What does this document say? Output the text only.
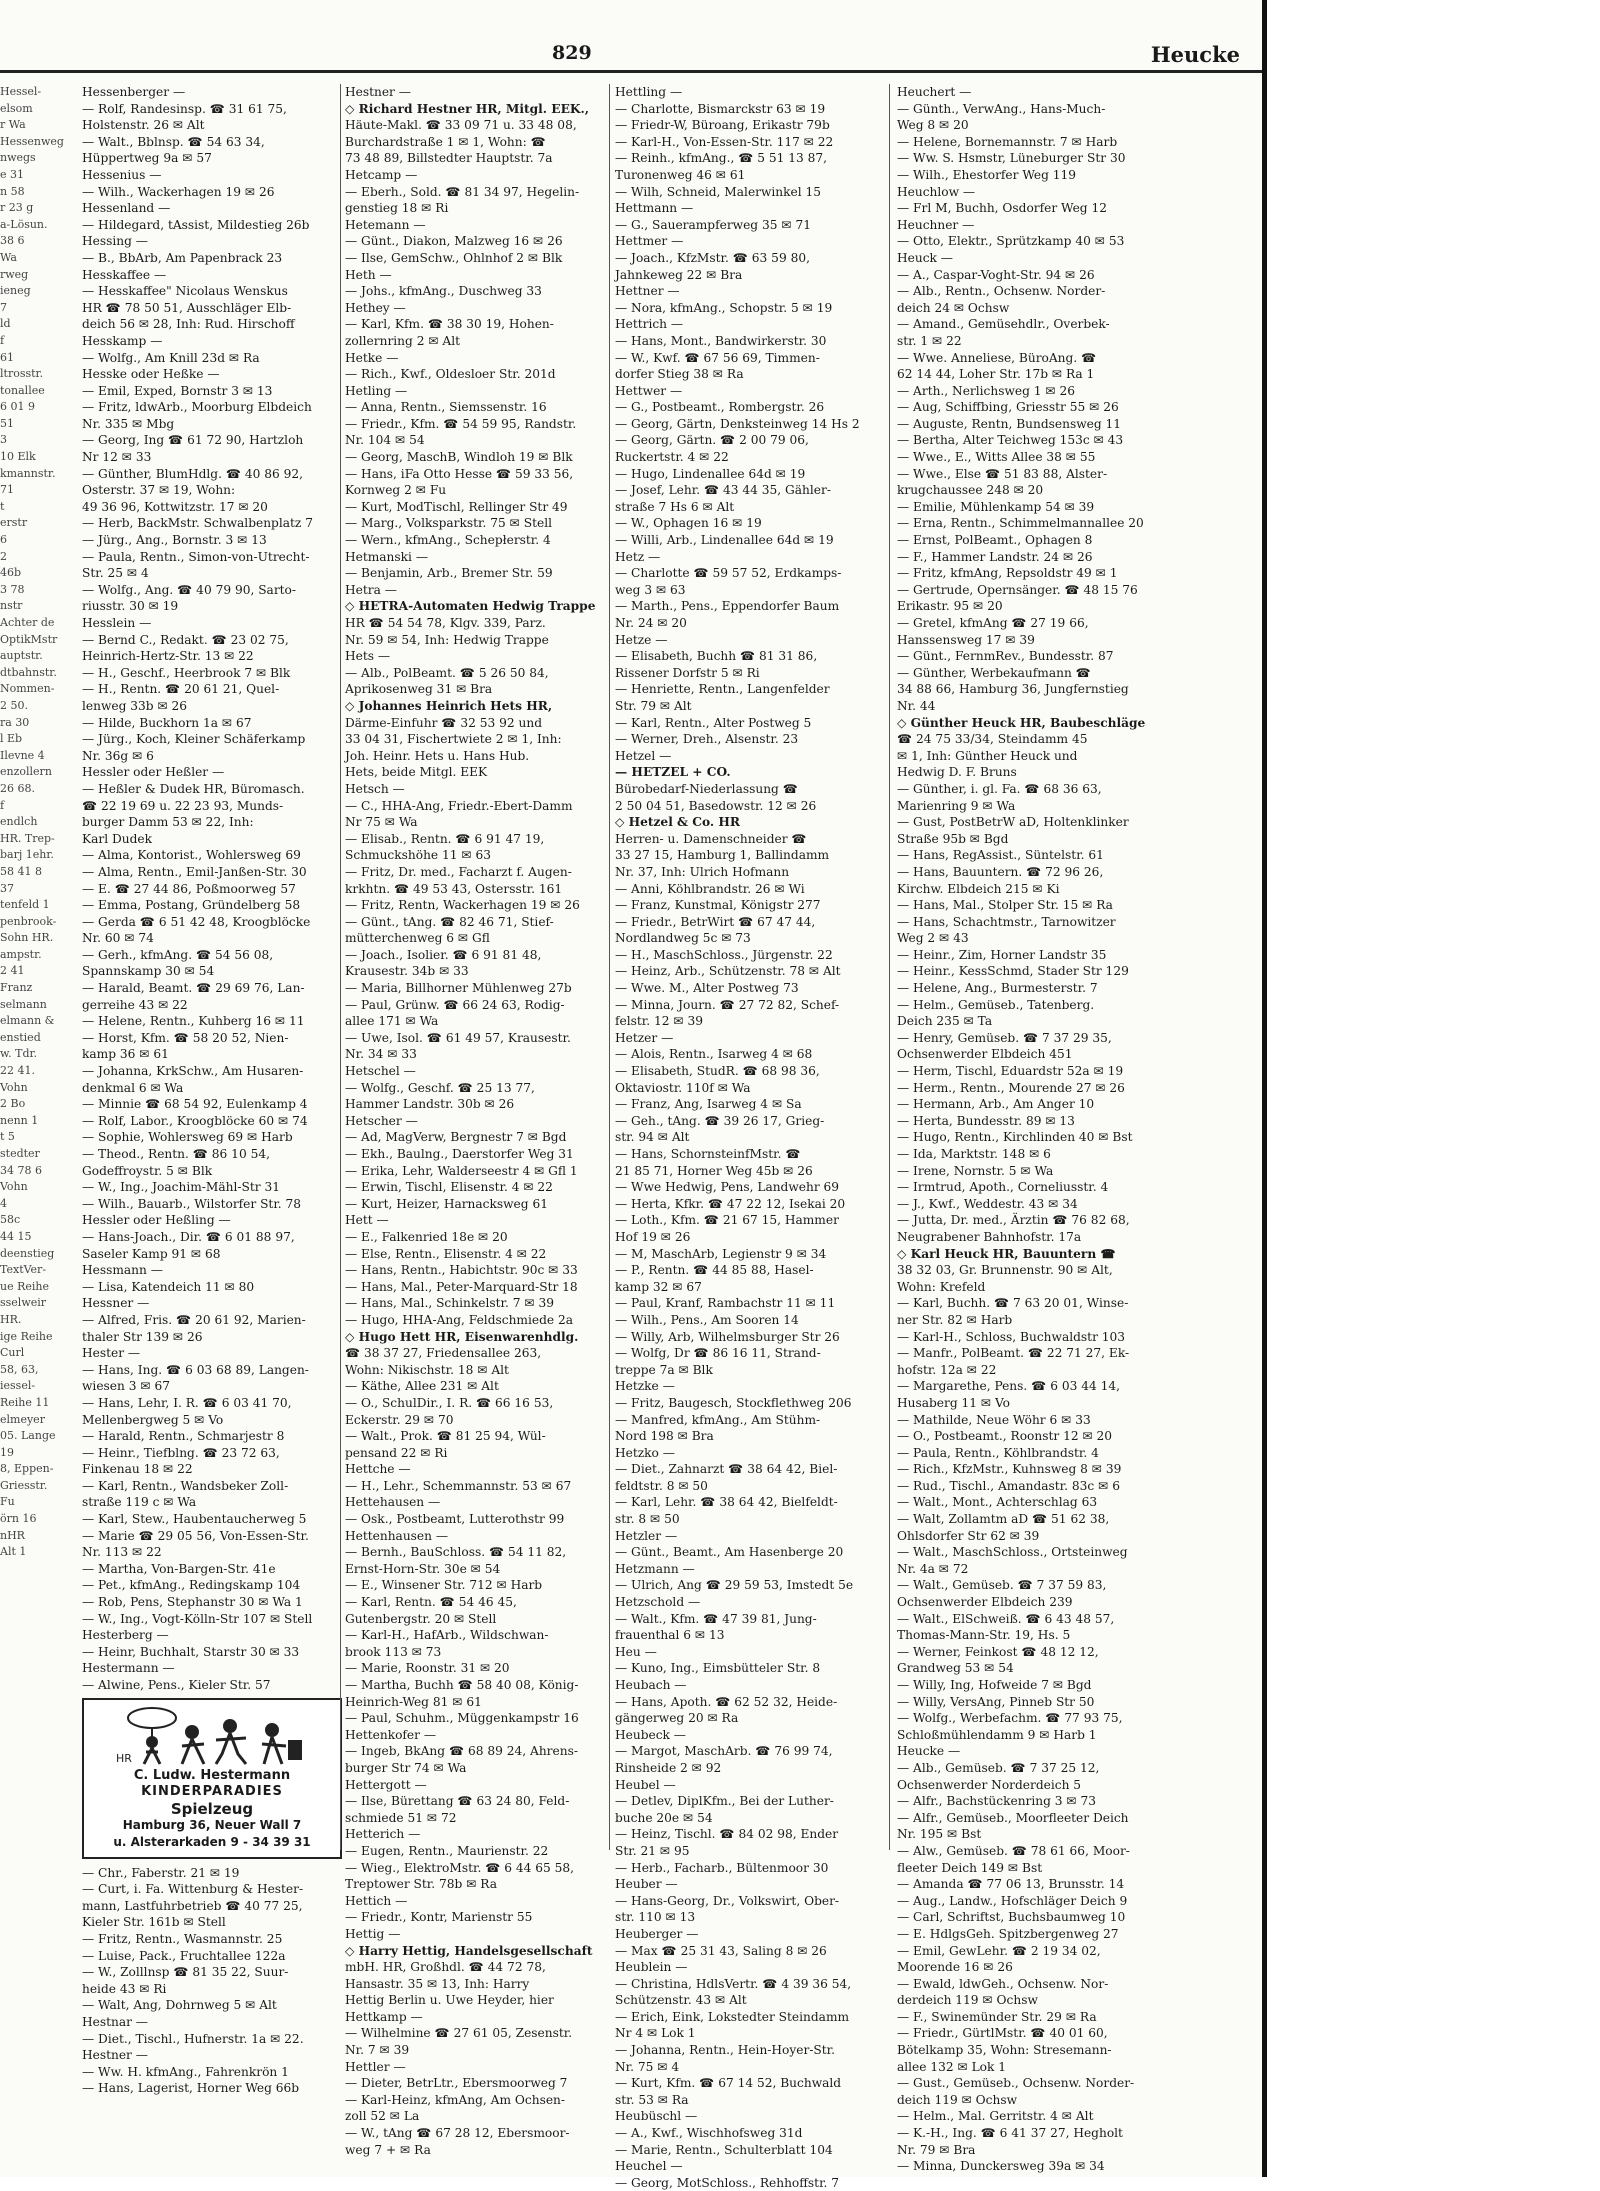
829	Heucke
Hessel-
elsom
r Wa
Hessenweg
nwegs
e 31
n 58
r 23 g
a-Lösun.
38 6
Wa
rweg
ieneg
7
ld
f
61
ltrosstr.
tonallee
6 01 9
51
3
10 Elk
kmannstr.
71
t
erstr
6
2
46b
3 78
nstr
Achter de
OptikMstr
auptstr.
dtbahnstr.
Nommen-
2 50.
ra 30
l Eb
Ilevne 4
enzollern
26 68.
f
endlch
HR. Trep-
barj 1ehr.
58 41 8
37
tenfeld 1
penbrook-
Sohn HR.
ampstr.
2 41
Franz
selmann
elmann &
enstied
w. Tdr.
22 41.
Vohn
2 Bo
nenn 1
t 5
stedter
34 78 6
Vohn
4
58c
44 15
deenstieg
TextVer-
ue Reihe
sselweir
HR.
ige Reihe
Curl
58, 63,
iessel-
Reihe 11
elmeyer
05. Lange
19
8, Eppen-
Griesstr.
Fu
örn 16
nHR
Alt 1
Hessenberger —
— Rolf, Randesinsp. ☎ 31 61 75,
Holstenstr. 26 ✉ Alt
— Walt., Bblnsp. ☎ 54 63 34,
Hüppertweg 9a ✉ 57
Hessenius —
— Wilh., Wackerhagen 19 ✉ 26
Hessenland —
— Hildegard, tAssist, Mildestieg 26b
Hessing —
— B., BbArb, Am Papenbrack 23
Hesskaffee —
— Hesskaffee" Nicolaus Wenskus
HR ☎ 78 50 51, Ausschläger Elb-
deich 56 ✉ 28, Inh: Rud. Hirschoff
Hesskamp —
— Wolfg., Am Knill 23d ✉ Ra
Hesske oder Heßke —
— Emil, Exped, Bornstr 3 ✉ 13
— Fritz, ldwArb., Moorburg Elbdeich
Nr. 335 ✉ Mbg
— Georg, Ing ☎ 61 72 90, Hartzloh
Nr 12 ✉ 33
— Günther, BlumHdlg. ☎ 40 86 92,
Osterstr. 37 ✉ 19, Wohn:
49 36 96, Kottwitzstr. 17 ✉ 20
— Herb, BackMstr. Schwalbenplatz 7
— Jürg., Ang., Bornstr. 3 ✉ 13
— Paula, Rentn., Simon-von-Utrecht-
Str. 25 ✉ 4
— Wolfg., Ang. ☎ 40 79 90, Sarto-
riusstr. 30 ✉ 19
Hesslein —
— Bernd C., Redakt. ☎ 23 02 75,
Heinrich-Hertz-Str. 13 ✉ 22
— H., Geschf., Heerbrook 7 ✉ Blk
— H., Rentn. ☎ 20 61 21, Quel-
lenweg 33b ✉ 26
— Hilde, Buckhorn 1a ✉ 67
— Jürg., Koch, Kleiner Schäferkamp
Nr. 36g ✉ 6
Hessler oder Heßler —
— Heßler & Dudek HR, Büromasch.
☎ 22 19 69 u. 22 23 93, Munds-
burger Damm 53 ✉ 22, Inh:
Karl Dudek
— Alma, Kontorist., Wohlersweg 69
— Alma, Rentn., Emil-Janßen-Str. 30
— E. ☎ 27 44 86, Poßmoorweg 57
— Emma, Postang, Gründelberg 58
— Gerda ☎ 6 51 42 48, Kroogblöcke
Nr. 60 ✉ 74
— Gerh., kfmAng. ☎ 54 56 08,
Spannskamp 30 ✉ 54
— Harald, Beamt. ☎ 29 69 76, Lan-
gerreihe 43 ✉ 22
— Helene, Rentn., Kuhberg 16 ✉ 11
— Horst, Kfm. ☎ 58 20 52, Nien-
kamp 36 ✉ 61
— Johanna, KrkSchw., Am Husaren-
denkmal 6 ✉ Wa
— Minnie ☎ 68 54 92, Eulenkamp 4
— Rolf, Labor., Kroogblöcke 60 ✉ 74
— Sophie, Wohlersweg 69 ✉ Harb
— Theod., Rentn. ☎ 86 10 54,
Godeffroystr. 5 ✉ Blk
— W., Ing., Joachim-Mähl-Str 31
— Wilh., Bauarb., Wilstorfer Str. 78
Hessler oder Heßling —
— Hans-Joach., Dir. ☎ 6 01 88 97,
Saseler Kamp 91 ✉ 68
Hessmann —
— Lisa, Katendeich 11 ✉ 80
Hessner —
— Alfred, Fris. ☎ 20 61 92, Marien-
thaler Str 139 ✉ 26
Hester —
— Hans, Ing. ☎ 6 03 68 89, Langen-
wiesen 3 ✉ 67
— Hans, Lehr, I. R. ☎ 6 03 41 70,
Mellenbergweg 5 ✉ Vo
— Harald, Rentn., Schmarjestr 8
— Heinr., Tiefblng. ☎ 23 72 63,
Finkenau 18 ✉ 22
— Karl, Rentn., Wandsbeker Zoll-
straße 119 c ✉ Wa
— Karl, Stew., Haubentaucherweg 5
— Marie ☎ 29 05 56, Von-Essen-Str.
Nr. 113 ✉ 22
— Martha, Von-Bargen-Str. 41e
— Pet., kfmAng., Redingskamp 104
— Rob, Pens, Stephanstr 30 ✉ Wa 1
— W., Ing., Vogt-Kölln-Str 107 ✉ Stell
Hesterberg —
— Heinr, Buchhalt, Starstr 30 ✉ 33
Hestermann —
— Alwine, Pens., Kieler Str. 57
HR
C. Ludw. Hestermann
KINDERPARADIES
Spielzeug
Hamburg 36, Neuer Wall 7
u. Alsterarkaden 9 - 34 39 31
— Chr., Faberstr. 21 ✉ 19
— Curt, i. Fa. Wittenburg & Hester-
mann, Lastfuhrbetrieb ☎ 40 77 25,
Kieler Str. 161b ✉ Stell
— Fritz, Rentn., Wasmannstr. 25
— Luise, Pack., Fruchtallee 122a
— W., Zolllnsp ☎ 81 35 22, Suur-
heide 43 ✉ Ri
— Walt, Ang, Dohrnweg 5 ✉ Alt
Hestnar —
— Diet., Tischl., Hufnerstr. 1a ✉ 22.
Hestner —
— Ww. H. kfmAng., Fahrenkrön 1
— Hans, Lagerist, Horner Weg 66b
Hestner —
◇ Richard Hestner HR, Mitgl. EEK.,
Häute-Makl. ☎ 33 09 71 u. 33 48 08,
Burchardstraße 1 ✉ 1, Wohn: ☎
73 48 89, Billstedter Hauptstr. 7a
Hetcamp —
— Eberh., Sold. ☎ 81 34 97, Hegelin-
genstieg 18 ✉ Ri
Hetemann —
— Günt., Diakon, Malzweg 16 ✉ 26
— Ilse, GemSchw., Ohlnhof 2 ✉ Blk
Heth —
— Johs., kfmAng., Duschweg 33
Hethey —
— Karl, Kfm. ☎ 38 30 19, Hohen-
zollernring 2 ✉ Alt
Hetke —
— Rich., Kwf., Oldesloer Str. 201d
Hetling —
— Anna, Rentn., Siemssenstr. 16
— Friedr., Kfm. ☎ 54 59 95, Randstr.
Nr. 104 ✉ 54
— Georg, MaschB, Windloh 19 ✉ Blk
— Hans, iFa Otto Hesse ☎ 59 33 56,
Kornweg 2 ✉ Fu
— Kurt, ModTischl, Rellinger Str 49
— Marg., Volksparkstr. 75 ✉ Stell
— Wern., kfmAng., Schepłerstr. 4
Hetmanski —
— Benjamin, Arb., Bremer Str. 59
Hetra —
◇ HETRA-Automaten Hedwig Trappe
HR ☎ 54 54 78, Klgv. 339, Parz.
Nr. 59 ✉ 54, Inh: Hedwig Trappe
Hets —
— Alb., PolBeamt. ☎ 5 26 50 84,
Aprikosenweg 31 ✉ Bra
◇ Johannes Heinrich Hets HR,
Därme-Einfuhr ☎ 32 53 92 und
33 04 31, Fischertwiete 2 ✉ 1, Inh:
Joh. Heinr. Hets u. Hans Hub.
Hets, beide Mitgl. EEK
Hetsch —
— C., HHA-Ang, Friedr.-Ebert-Damm
Nr 75 ✉ Wa
— Elisab., Rentn. ☎ 6 91 47 19,
Schmuckshöhe 11 ✉ 63
— Fritz, Dr. med., Facharzt f. Augen-
krkhtn. ☎ 49 53 43, Ostersstr. 161
— Fritz, Rentn, Wackerhagen 19 ✉ 26
— Günt., tAng. ☎ 82 46 71, Stief-
mütterchenweg 6 ✉ Gfl
— Joach., Isolier. ☎ 6 91 81 48,
Krausestr. 34b ✉ 33
— Maria, Billhorner Mühlenweg 27b
— Paul, Grünw. ☎ 66 24 63, Rodig-
allee 171 ✉ Wa
— Uwe, Isol. ☎ 61 49 57, Krausestr.
Nr. 34 ✉ 33
Hetschel —
— Wolfg., Geschf. ☎ 25 13 77,
Hammer Landstr. 30b ✉ 26
Hetscher —
— Ad, MagVerw, Bergnestr 7 ✉ Bgd
— Ekh., Baulng., Daerstorfer Weg 31
— Erika, Lehr, Walderseestr 4 ✉ Gfl 1
— Erwin, Tischl, Elisenstr. 4 ✉ 22
— Kurt, Heizer, Harnacksweg 61
Hett —
— E., Falkenried 18e ✉ 20
— Else, Rentn., Elisenstr. 4 ✉ 22
— Hans, Rentn., Habichtstr. 90c ✉ 33
— Hans, Mal., Peter-Marquard-Str 18
— Hans, Mal., Schinkelstr. 7 ✉ 39
— Hugo, HHA-Ang, Feldschmiede 2a
◇ Hugo Hett HR, Eisenwarenhdlg.
☎ 38 37 27, Friedensallee 263,
Wohn: Nikischstr. 18 ✉ Alt
— Käthe, Allee 231 ✉ Alt
— O., SchulDir., I. R. ☎ 66 16 53,
Eckerstr. 29 ✉ 70
— Walt., Prok. ☎ 81 25 94, Wül-
pensand 22 ✉ Ri
Hettche —
— H., Lehr., Schemmannstr. 53 ✉ 67
Hettehausen —
— Osk., Postbeamt, Lutterothstr 99
Hettenhausen —
— Bernh., BauSchloss. ☎ 54 11 82,
Ernst-Horn-Str. 30e ✉ 54
— E., Winsener Str. 712 ✉ Harb
— Karl, Rentn. ☎ 54 46 45,
Gutenbergstr. 20 ✉ Stell
— Karl-H., HafArb., Wildschwan-
brook 113 ✉ 73
— Marie, Roonstr. 31 ✉ 20
— Martha, Buchh ☎ 58 40 08, König-
Heinrich-Weg 81 ✉ 61
— Paul, Schuhm., Müggenkampstr 16
Hettenkofer —
— Ingeb, BkAng ☎ 68 89 24, Ahrens-
burger Str 74 ✉ Wa
Hettergott —
— Ilse, Bürettang ☎ 63 24 80, Feld-
schmiede 51 ✉ 72
Hetterich —
— Eugen, Rentn., Maurienstr. 22
— Wieg., ElektroMstr. ☎ 6 44 65 58,
Treptower Str. 78b ✉ Ra
Hettich —
— Friedr., Kontr, Marienstr 55
Hettig —
◇ Harry Hettig, Handelsgesellschaft
mbH. HR, Großhdl. ☎ 44 72 78,
Hansastr. 35 ✉ 13, Inh: Harry
Hettig Berlin u. Uwe Heyder, hier
Hettkamp —
— Wilhelmine ☎ 27 61 05, Zesenstr.
Nr. 7 ✉ 39
Hettler —
— Dieter, BetrLtr., Ebersmoorweg 7
— Karl-Heinz, kfmAng, Am Ochsen-
zoll 52 ✉ La
— W., tAng ☎ 67 28 12, Ebersmoor-
weg 7 + ✉ Ra
Hettling —
— Charlotte, Bismarckstr 63 ✉ 19
— Friedr-W, Büroang, Erikastr 79b
— Karl-H., Von-Essen-Str. 117 ✉ 22
— Reinh., kfmAng., ☎ 5 51 13 87,
Turonenweg 46 ✉ 61
— Wilh, Schneid, Malerwinkel 15
Hettmann —
— G., Sauerampferweg 35 ✉ 71
Hettmer —
— Joach., KfzMstr. ☎ 63 59 80,
Jahnkeweg 22 ✉ Bra
Hettner —
— Nora, kfmAng., Schopstr. 5 ✉ 19
Hettrich —
— Hans, Mont., Bandwirkerstr. 30
— W., Kwf. ☎ 67 56 69, Timmen-
dorfer Stieg 38 ✉ Ra
Hettwer —
— G., Postbeamt., Rombergstr. 26
— Georg, Gärtn, Denksteinweg 14 Hs 2
— Georg, Gärtn. ☎ 2 00 79 06,
Ruckertstr. 4 ✉ 22
— Hugo, Lindenallee 64d ✉ 19
— Josef, Lehr. ☎ 43 44 35, Gähler-
straße 7 Hs 6 ✉ Alt
— W., Ophagen 16 ✉ 19
— Willi, Arb., Lindenallee 64d ✉ 19
Hetz —
— Charlotte ☎ 59 57 52, Erdkamps-
weg 3 ✉ 63
— Marth., Pens., Eppendorfer Baum
Nr. 24 ✉ 20
Hetze —
— Elisabeth, Buchh ☎ 81 31 86,
Rissener Dorfstr 5 ✉ Ri
— Henriette, Rentn., Langenfelder
Str. 79 ✉ Alt
— Karl, Rentn., Alter Postweg 5
— Werner, Dreh., Alsenstr. 23
Hetzel —
— HETZEL + CO.
Bürobedarf-Niederlassung ☎
2 50 04 51, Basedowstr. 12 ✉ 26
◇ Hetzel & Co. HR
Herren- u. Damenschneider ☎
33 27 15, Hamburg 1, Ballindamm
Nr. 37, Inh: Ulrich Hofmann
— Anni, Köhlbrandstr. 26 ✉ Wi
— Franz, Kunstmal, Königstr 277
— Friedr., BetrWirt ☎ 67 47 44,
Nordlandweg 5c ✉ 73
— H., MaschSchloss., Jürgenstr. 22
— Heinz, Arb., Schützenstr. 78 ✉ Alt
— Wwe. M., Alter Postweg 73
— Minna, Journ. ☎ 27 72 82, Schef-
felstr. 12 ✉ 39
Hetzer —
— Alois, Rentn., Isarweg 4 ✉ 68
— Elisabeth, StudR. ☎ 68 98 36,
Oktaviostr. 110f ✉ Wa
— Franz, Ang, Isarweg 4 ✉ Sa
— Geh., tAng. ☎ 39 26 17, Grieg-
str. 94 ✉ Alt
— Hans, SchornsteinfMstr. ☎
21 85 71, Horner Weg 45b ✉ 26
— Wwe Hedwig, Pens, Landwehr 69
— Herta, Kfkr. ☎ 47 22 12, Isekai 20
— Loth., Kfm. ☎ 21 67 15, Hammer
Hof 19 ✉ 26
— M, MaschArb, Legienstr 9 ✉ 34
— P., Rentn. ☎ 44 85 88, Hasel-
kamp 32 ✉ 67
— Paul, Kranf, Rambachstr 11 ✉ 11
— Wilh., Pens., Am Sooren 14
— Willy, Arb, Wilhelmsburger Str 26
— Wolfg, Dr ☎ 86 16 11, Strand-
treppe 7a ✉ Blk
Hetzke —
— Fritz, Baugesch, Stockflethweg 206
— Manfred, kfmAng., Am Stühm-
Nord 198 ✉ Bra
Hetzko —
— Diet., Zahnarzt ☎ 38 64 42, Biel-
feldtstr. 8 ✉ 50
— Karl, Lehr. ☎ 38 64 42, Bielfeldt-
str. 8 ✉ 50
Hetzler —
— Günt., Beamt., Am Hasenberge 20
Hetzmann —
— Ulrich, Ang ☎ 29 59 53, Imstedt 5e
Hetzschold —
— Walt., Kfm. ☎ 47 39 81, Jung-
frauenthal 6 ✉ 13
Heu —
— Kuno, Ing., Eimsbütteler Str. 8
Heubach —
— Hans, Apoth. ☎ 62 52 32, Heide-
gängerweg 20 ✉ Ra
Heubeck —
— Margot, MaschArb. ☎ 76 99 74,
Rinsheide 2 ✉ 92
Heubel —
— Detlev, DiplKfm., Bei der Luther-
buche 20e ✉ 54
— Heinz, Tischl. ☎ 84 02 98, Ender
Str. 21 ✉ 95
— Herb., Facharb., Bültenmoor 30
Heuber —
— Hans-Georg, Dr., Volkswirt, Ober-
str. 110 ✉ 13
Heuberger —
— Max ☎ 25 31 43, Saling 8 ✉ 26
Heublein —
— Christina, HdlsVertr. ☎ 4 39 36 54,
Schützenstr. 43 ✉ Alt
— Erich, Eink, Lokstedter Steindamm
Nr 4 ✉ Lok 1
— Johanna, Rentn., Hein-Hoyer-Str.
Nr. 75 ✉ 4
— Kurt, Kfm. ☎ 67 14 52, Buchwald
str. 53 ✉ Ra
Heubüschl —
— A., Kwf., Wischhofsweg 31d
— Marie, Rentn., Schulterblatt 104
Heuchel —
— Georg, MotSchloss., Rehhoffstr. 7
Heuchert —
— Günth., VerwAng., Hans-Much-
Weg 8 ✉ 20
— Helene, Bornemannstr. 7 ✉ Harb
— Ww. S. Hsmstr, Lüneburger Str 30
— Wilh., Ehestorfer Weg 119
Heuchlow —
— Frl M, Buchh, Osdorfer Weg 12
Heuchner —
— Otto, Elektr., Sprützkamp 40 ✉ 53
Heuck —
— A., Caspar-Voght-Str. 94 ✉ 26
— Alb., Rentn., Ochsenw. Norder-
deich 24 ✉ Ochsw
— Amand., Gemüsehdlr., Overbek-
str. 1 ✉ 22
— Wwe. Anneliese, BüroAng. ☎
62 14 44, Loher Str. 17b ✉ Ra 1
— Arth., Nerlichsweg 1 ✉ 26
— Aug, Schiffbing, Griesstr 55 ✉ 26
— Auguste, Rentn, Bundsensweg 11
— Bertha, Alter Teichweg 153c ✉ 43
— Wwe., E., Witts Allee 38 ✉ 55
— Wwe., Else ☎ 51 83 88, Alster-
krugchaussee 248 ✉ 20
— Emilie, Mühlenkamp 54 ✉ 39
— Erna, Rentn., Schimmelmannallee 20
— Ernst, PolBeamt., Ophagen 8
— F., Hammer Landstr. 24 ✉ 26
— Fritz, kfmAng, Repsoldstr 49 ✉ 1
— Gertrude, Opernsänger. ☎ 48 15 76
Erikastr. 95 ✉ 20
— Gretel, kfmAng ☎ 27 19 66,
Hanssensweg 17 ✉ 39
— Günt., FernmRev., Bundesstr. 87
— Günther, Werbekaufmann ☎
34 88 66, Hamburg 36, Jungfernstieg
Nr. 44
◇ Günther Heuck HR, Baubeschläge
☎ 24 75 33/34, Steindamm 45
✉ 1, Inh: Günther Heuck und
Hedwig D. F. Bruns
— Günther, i. gl. Fa. ☎ 68 36 63,
Marienring 9 ✉ Wa
— Gust, PostBetrW aD, Holtenklinker
Straße 95b ✉ Bgd
— Hans, RegAssist., Süntelstr. 61
— Hans, Bauuntern. ☎ 72 96 26,
Kirchw. Elbdeich 215 ✉ Ki
— Hans, Mal., Stolper Str. 15 ✉ Ra
— Hans, Schachtmstr., Tarnowitzer
Weg 2 ✉ 43
— Heinr., Zim, Horner Landstr 35
— Heinr., KessSchmd, Stader Str 129
— Helene, Ang., Burmesterstr. 7
— Helm., Gemüseb., Tatenberg.
Deich 235 ✉ Ta
— Henry, Gemüseb. ☎ 7 37 29 35,
Ochsenwerder Elbdeich 451
— Herm, Tischl, Eduardstr 52a ✉ 19
— Herm., Rentn., Mourende 27 ✉ 26
— Hermann, Arb., Am Anger 10
— Herta, Bundesstr. 89 ✉ 13
— Hugo, Rentn., Kirchlinden 40 ✉ Bst
— Ida, Marktstr. 148 ✉ 6
— Irene, Nornstr. 5 ✉ Wa
— Irmtrud, Apoth., Corneliusstr. 4
— J., Kwf., Weddestr. 43 ✉ 34
— Jutta, Dr. med., Ärztin ☎ 76 82 68,
Neugrabener Bahnhofstr. 17a
◇ Karl Heuck HR, Bauuntern ☎
38 32 03, Gr. Brunnenstr. 90 ✉ Alt,
Wohn: Krefeld
— Karl, Buchh. ☎ 7 63 20 01, Winse-
ner Str. 82 ✉ Harb
— Karl-H., Schloss, Buchwaldstr 103
— Manfr., PolBeamt. ☎ 22 71 27, Ek-
hofstr. 12a ✉ 22
— Margarethe, Pens. ☎ 6 03 44 14,
Husaberg 11 ✉ Vo
— Mathilde, Neue Wöhr 6 ✉ 33
— O., Postbeamt., Roonstr 12 ✉ 20
— Paula, Rentn., Köhlbrandstr. 4
— Rich., KfzMstr., Kuhnsweg 8 ✉ 39
— Rud., Tischl., Amandastr. 83c ✉ 6
— Walt., Mont., Achterschlag 63
— Walt, Zollamtm aD ☎ 51 62 38,
Ohlsdorfer Str 62 ✉ 39
— Walt., MaschSchloss., Ortsteinweg
Nr. 4a ✉ 72
— Walt., Gemüseb. ☎ 7 37 59 83,
Ochsenwerder Elbdeich 239
— Walt., ElSchweiß. ☎ 6 43 48 57,
Thomas-Mann-Str. 19, Hs. 5
— Werner, Feinkost ☎ 48 12 12,
Grandweg 53 ✉ 54
— Willy, Ing, Hofweide 7 ✉ Bgd
— Willy, VersAng, Pinneb Str 50
— Wolfg., Werbefachm. ☎ 77 93 75,
Schloßmühlendamm 9 ✉ Harb 1
Heucke —
— Alb., Gemüseb. ☎ 7 37 25 12,
Ochsenwerder Norderdeich 5
— Alfr., Bachstückenring 3 ✉ 73
— Alfr., Gemüseb., Moorfleeter Deich
Nr. 195 ✉ Bst
— Alw., Gemüseb. ☎ 78 61 66, Moor-
fleeter Deich 149 ✉ Bst
— Amanda ☎ 77 06 13, Brunsstr. 14
— Aug., Landw., Hofschläger Deich 9
— Carl, Schriftst, Buchsbaumweg 10
— E. HdlgsGeh. Spitzbergenweg 27
— Emil, GewLehr. ☎ 2 19 34 02,
Moorende 16 ✉ 26
— Ewald, ldwGeh., Ochsenw. Nor-
derdeich 119 ✉ Ochsw
— F., Swinemünder Str. 29 ✉ Ra
— Friedr., GürtlMstr. ☎ 40 01 60,
Bötelkamp 35, Wohn: Stresemann-
allee 132 ✉ Lok 1
— Gust., Gemüseb., Ochsenw. Norder-
deich 119 ✉ Ochsw
— Helm., Mal. Gerritstr. 4 ✉ Alt
— K.-H., Ing. ☎ 6 41 37 27, Hegholt
Nr. 79 ✉ Bra
— Minna, Dunckersweg 39a ✉ 34
